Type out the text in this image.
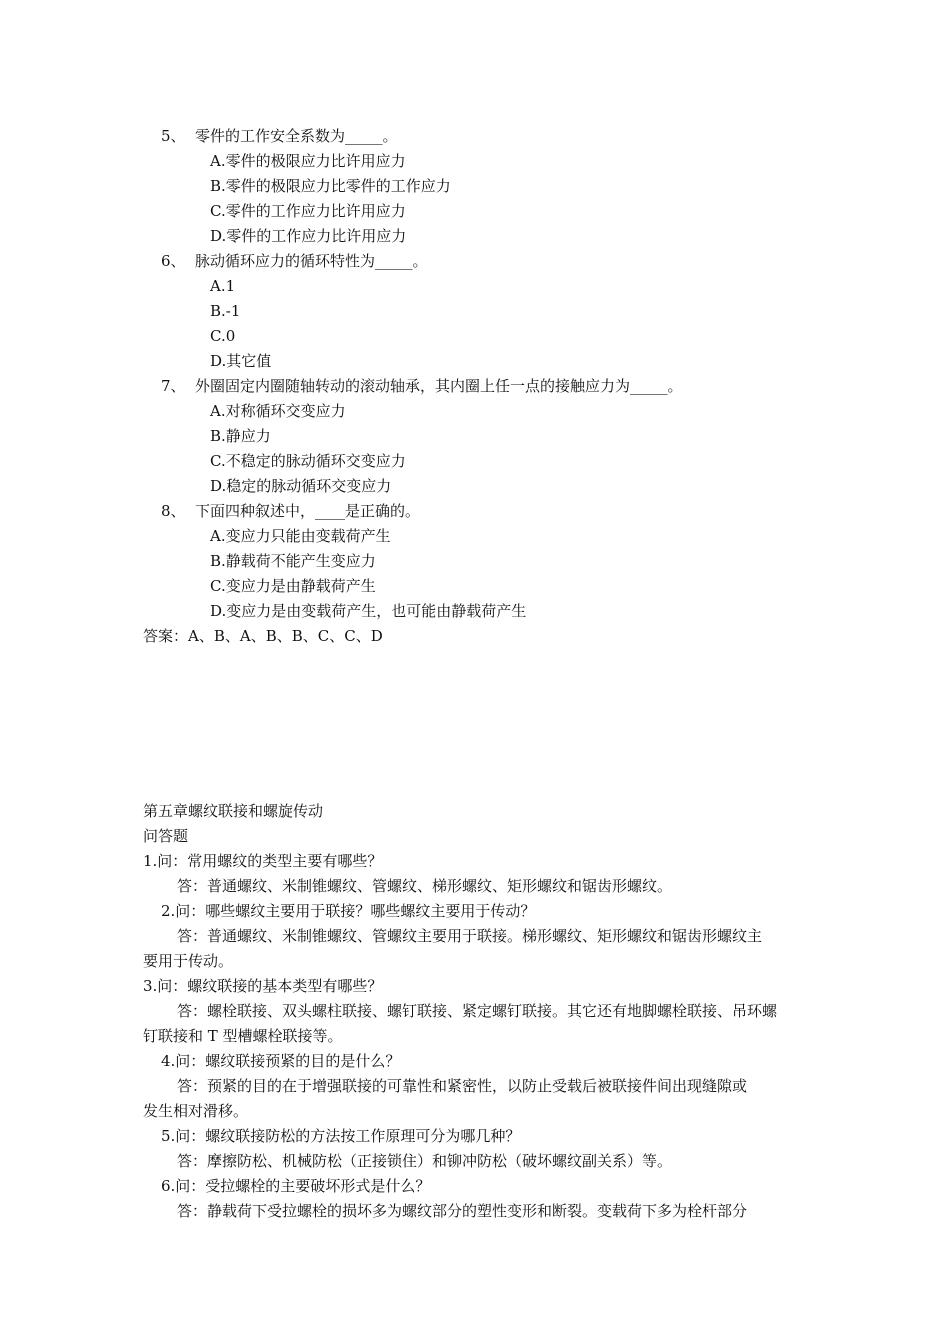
5、 零件的工作安全系数为_____。
A.零件的极限应力比许用应力
B.零件的极限应力比零件的工作应力
C.零件的工作应力比许用应力
D.零件的工作应力比许用应力
6、 脉动循环应力的循环特性为_____。
A.1
B.-1
C.0
D.其它值
7、 外圈固定内圈随轴转动的滚动轴承，其内圈上任一点的接触应力为_____。
A.对称循环交变应力
B.静应力
C.不稳定的脉动循环交变应力
D.稳定的脉动循环交变应力
8、 下面四种叙述中，____是正确的。
A.变应力只能由变载荷产生
B.静载荷不能产生变应力
C.变应力是由静载荷产生
D.变应力是由变载荷产生，也可能由静载荷产生
答案：A、B、A、B、B、C、C、D
第五章螺纹联接和螺旋传动
问答题
1.问：常用螺纹的类型主要有哪些？
答：普通螺纹、米制锥螺纹、管螺纹、梯形螺纹、矩形螺纹和锯齿形螺纹。
2.问：哪些螺纹主要用于联接？哪些螺纹主要用于传动？
答：普通螺纹、米制锥螺纹、管螺纹主要用于联接。梯形螺纹、矩形螺纹和锯齿形螺纹主
要用于传动。
3.问：螺纹联接的基本类型有哪些？
答：螺栓联接、双头螺柱联接、螺钉联接、紧定螺钉联接。其它还有地脚螺栓联接、吊环螺
钉联接和 T 型槽螺栓联接等。
4.问：螺纹联接预紧的目的是什么？
答：预紧的目的在于增强联接的可靠性和紧密性，以防止受载后被联接件间出现缝隙或
发生相对滑移。
5.问：螺纹联接防松的方法按工作原理可分为哪几种？
答：摩擦防松、机械防松（正接锁住）和铆冲防松（破坏螺纹副关系）等。
6.问：受拉螺栓的主要破坏形式是什么？
答：静载荷下受拉螺栓的损坏多为螺纹部分的塑性变形和断裂。变载荷下多为栓杆部分
